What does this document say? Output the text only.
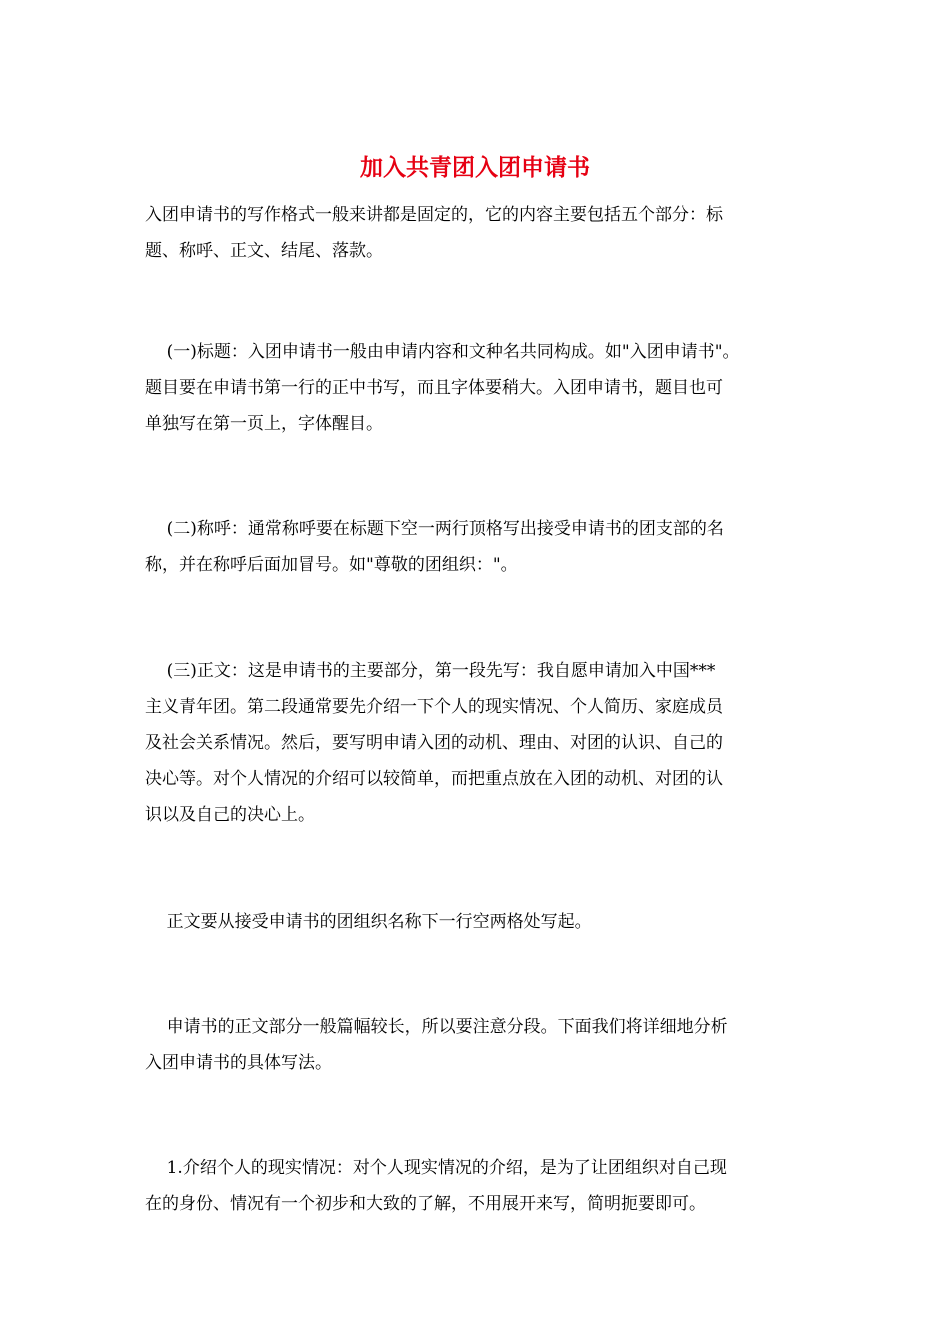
加入共青团入团申请书
入团申请书的写作格式一般来讲都是固定的，它的内容主要包括五个部分：标
题、称呼、正文、结尾、落款。
(一)标题：入团申请书一般由申请内容和文种名共同构成。如"入团申请书"。
题目要在申请书第一行的正中书写，而且字体要稍大。入团申请书，题目也可
单独写在第一页上，字体醒目。
(二)称呼：通常称呼要在标题下空一两行顶格写出接受申请书的团支部的名
称，并在称呼后面加冒号。如"尊敬的团组织："。
(三)正文：这是申请书的主要部分，第一段先写：我自愿申请加入中国***
主义青年团。第二段通常要先介绍一下个人的现实情况、个人简历、家庭成员
及社会关系情况。然后，要写明申请入团的动机、理由、对团的认识、自己的
决心等。对个人情况的介绍可以较简单，而把重点放在入团的动机、对团的认
识以及自己的决心上。
正文要从接受申请书的团组织名称下一行空两格处写起。
申请书的正文部分一般篇幅较长，所以要注意分段。下面我们将详细地分析
入团申请书的具体写法。
1.介绍个人的现实情况：对个人现实情况的介绍，是为了让团组织对自己现
在的身份、情况有一个初步和大致的了解，不用展开来写，简明扼要即可。
